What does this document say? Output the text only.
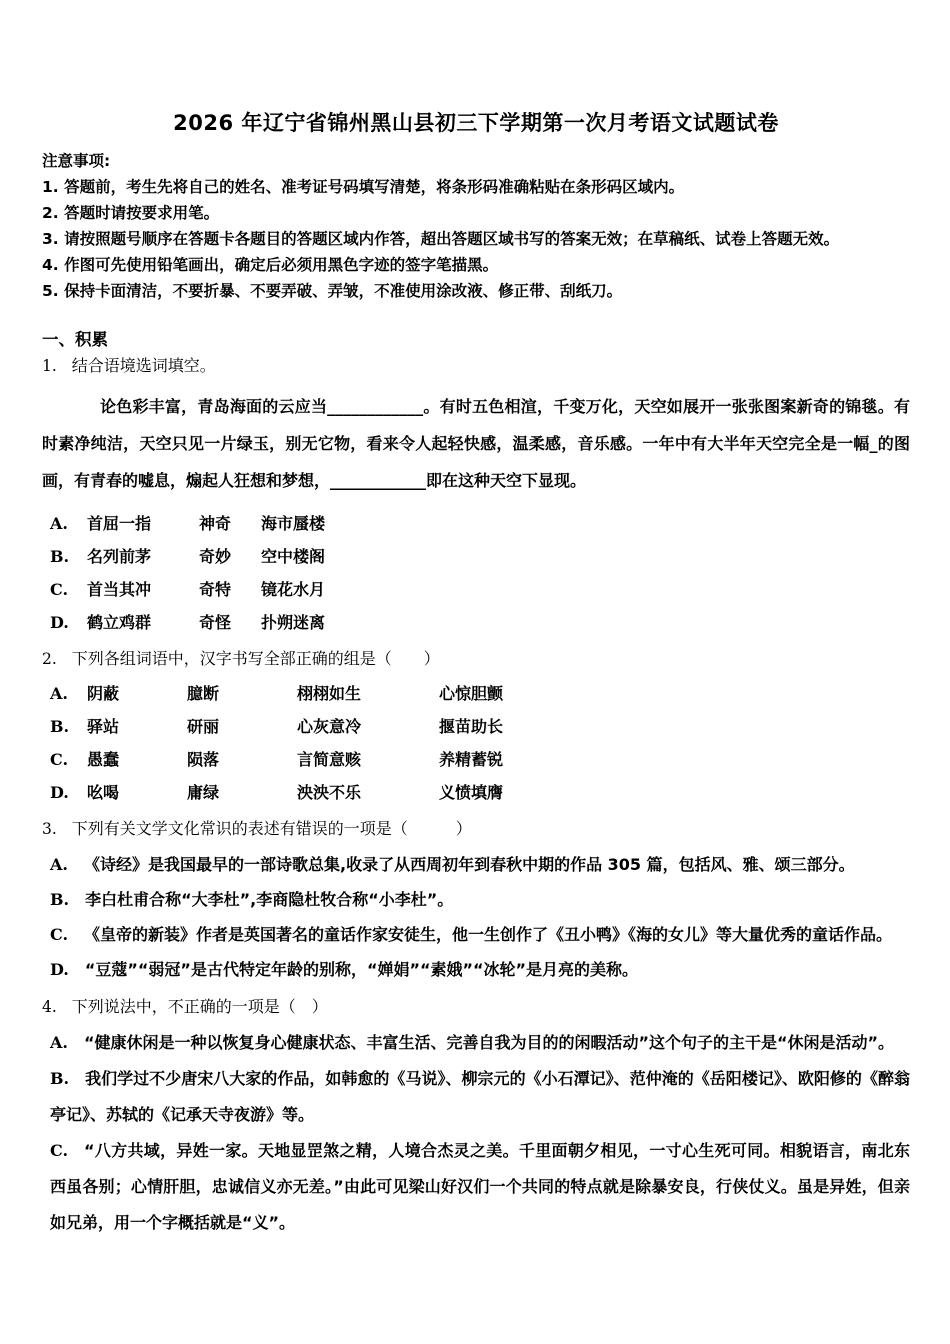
2026 年辽宁省锦州黑山县初三下学期第一次月考语文试题试卷

注意事项:

1. 答题前，考生先将自己的姓名、准考证号码填写清楚，将条形码准确粘贴在条形码区域内。

2. 答题时请按要求用笔。

3. 请按照题号顺序在答题卡各题目的答题区域内作答，超出答题区域书写的答案无效；在草稿纸、试卷上答题无效。

4. 作图可先使用铅笔画出，确定后必须用黑色字迹的签字笔描黑。

5. 保持卡面清洁，不要折暴、不要弄破、弄皱，不准使用涂改液、修正带、刮纸刀。

一、积累

1. 结合语境选词填空。

论色彩丰富，青岛海面的云应当____________。有时五色相渲，千变万化，天空如展开一张张图案新奇的锦毯。有时素净纯洁，天空只见一片绿玉，别无它物，看来令人起轻快感，温柔感，音乐感。一年中有大半年天空完全是一幅_的图画，有青春的嘘息，煽起人狂想和梦想，____________即在这种天空下显现。

A. 首屈一指	神奇 海市蜃楼
B. 名列前茅	奇妙 空中楼阁
C. 首当其冲	奇特 镜花水月
D. 鹤立鸡群	奇怪 扑朔迷离

2. 下列各组词语中，汉字书写全部正确的组是（　　）

A. 阴蔽	臆断	栩栩如生	心惊胆颤
B. 驿站	研丽	心灰意冷	揠苗助长
C. 愚蠢	陨落	言简意赅	养精蓄锐
D. 吆喝	庸绿	泱泱不乐	义愤填膺

3. 下列有关文学文化常识的表述有错误的一项是（　　　）

A. 《诗经》是我国最早的一部诗歌总集,收录了从西周初年到春秋中期的作品 305 篇，包括风、雅、颂三部分。

B. 李白杜甫合称“大李杜”,李商隐杜牧合称“小李杜”。

C. 《皇帝的新装》作者是英国著名的童话作家安徒生，他一生创作了《丑小鸭》《海的女儿》等大量优秀的童话作品。

D. “豆蔻”“弱冠”是古代特定年龄的别称，“婵娟”“素娥”“冰轮”是月亮的美称。

4. 下列说法中，不正确的一项是（　）

A. “健康休闲是一种以恢复身心健康状态、丰富生活、完善自我为目的的闲暇活动”这个句子的主干是“休闲是活动”。

B. 我们学过不少唐宋八大家的作品，如韩愈的《马说》、柳宗元的《小石潭记》、范仲淹的《岳阳楼记》、欧阳修的《醉翁亭记》、苏轼的《记承天寺夜游》等。

C. “八方共域，异姓一家。天地显罡煞之精，人境合杰灵之美。千里面朝夕相见，一寸心生死可同。相貌语言，南北东西虽各别；心情肝胆，忠诚信义亦无差。”由此可见梁山好汉们一个共同的特点就是除暴安良，行侠仗义。虽是异姓，但亲如兄弟，用一个字概括就是“义”。
